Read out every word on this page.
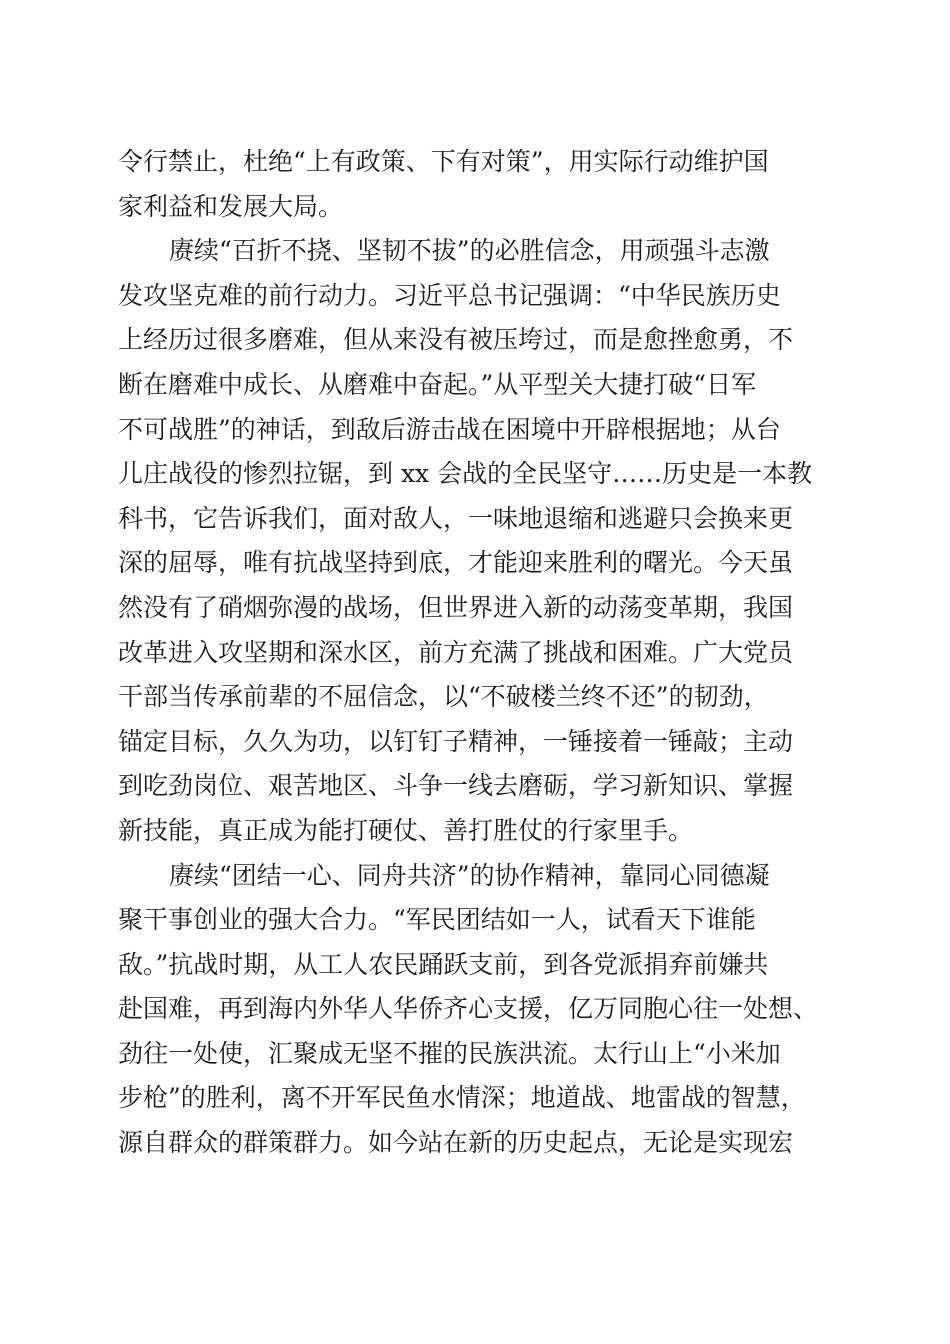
令行禁止，杜绝“上有政策、下有对策”，用实际行动维护国
家利益和发展大局。
赓续“百折不挠、坚韧不拔”的必胜信念，用顽强斗志激
发攻坚克难的前行动力。习近平总书记强调：“中华民族历史
上经历过很多磨难，但从来没有被压垮过，而是愈挫愈勇，不
断在磨难中成长、从磨难中奋起。”从平型关大捷打破“日军
不可战胜”的神话，到敌后游击战在困境中开辟根据地；从台
儿庄战役的惨烈拉锯，到 xx 会战的全民坚守……历史是一本教
科书，它告诉我们，面对敌人，一味地退缩和逃避只会换来更
深的屈辱，唯有抗战坚持到底，才能迎来胜利的曙光。今天虽
然没有了硝烟弥漫的战场，但世界进入新的动荡变革期，我国
改革进入攻坚期和深水区，前方充满了挑战和困难。广大党员
干部当传承前辈的不屈信念，以“不破楼兰终不还”的韧劲，
锚定目标，久久为功，以钉钉子精神，一锤接着一锤敲；主动
到吃劲岗位、艰苦地区、斗争一线去磨砺，学习新知识、掌握
新技能，真正成为能打硬仗、善打胜仗的行家里手。
赓续“团结一心、同舟共济”的协作精神，靠同心同德凝
聚干事创业的强大合力。“军民团结如一人，试看天下谁能
敌。”抗战时期，从工人农民踊跃支前，到各党派捐弃前嫌共
赴国难，再到海内外华人华侨齐心支援，亿万同胞心往一处想、
劲往一处使，汇聚成无坚不摧的民族洪流。太行山上“小米加
步枪”的胜利，离不开军民鱼水情深；地道战、地雷战的智慧，
源自群众的群策群力。如今站在新的历史起点，无论是实现宏
